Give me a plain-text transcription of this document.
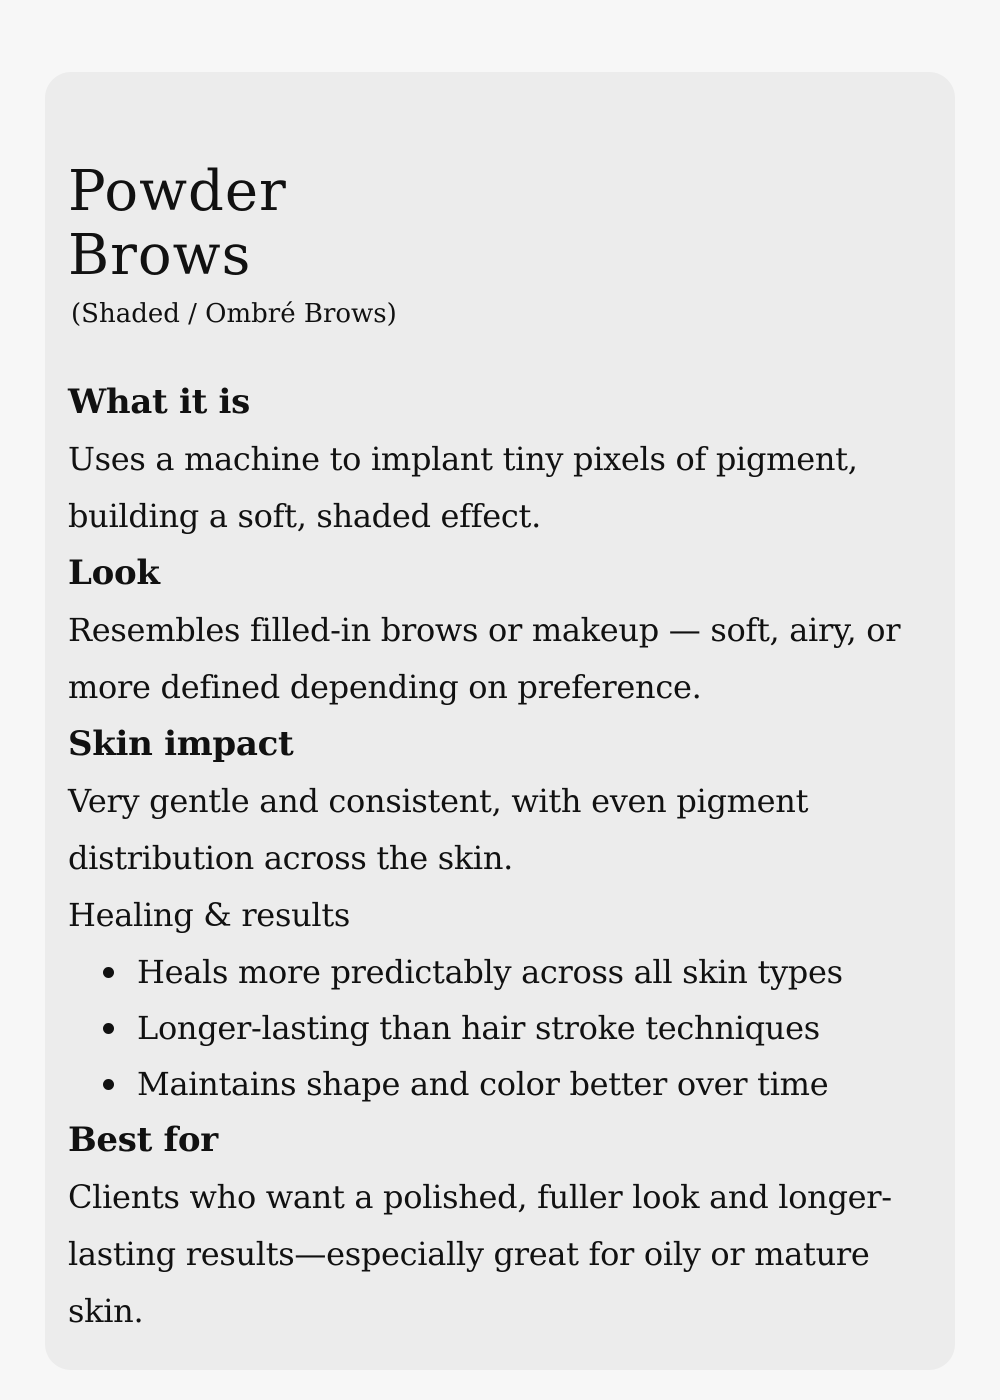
Powder
Brows

(Shaded / Ombré Brows)

What it is

Uses a machine to implant tiny pixels of pigment, building a soft, shaded effect.

Look

Resembles filled-in brows or makeup — soft, airy, or more defined depending on preference.

Skin impact

Very gentle and consistent, with even pigment distribution across the skin.

Healing & results

Heals more predictably across all skin types
Longer-lasting than hair stroke techniques
Maintains shape and color better over time
Best for

Clients who want a polished, fuller look and longer-lasting results—especially great for oily or mature skin.
